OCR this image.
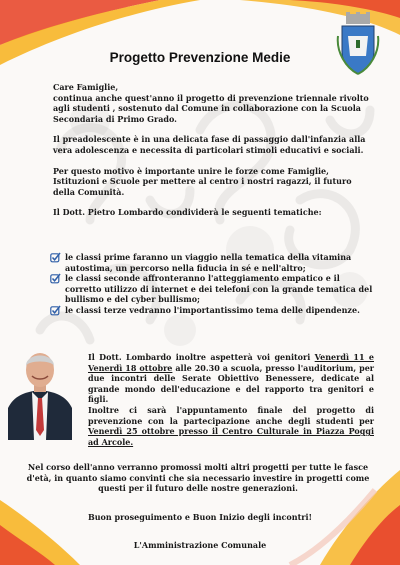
Progetto Prevenzione Medie
Care Famiglie,
continua anche quest'anno il progetto di prevenzione triennale rivolto agli studenti , sostenuto dal Comune in collaborazione con la Scuola Secondaria di Primo Grado.
Il preadolescente è in una delicata fase di passaggio dall'infanzia alla vera adolescenza e necessita di particolari stimoli educativi e sociali.
Per questo motivo è importante unire le forze come Famiglie, Istituzioni e Scuole per mettere al centro i nostri ragazzi, il futuro della Comunità.
Il Dott. Pietro Lombardo condividerà le seguenti tematiche:
le classi prime faranno un viaggio nella tematica della vitamina autostima, un percorso nella fiducia in sé e nell'altro;
le classi seconde affronteranno l'atteggiamento empatico e il corretto utilizzo di internet e dei telefoni con la grande tematica del bullismo e del cyber bullismo;
le classi terze vedranno l'importantissimo tema delle dipendenze.

Il Dott. Lombardo inoltre aspetterà voi genitori Venerdì 11 e Venerdì 18 ottobre alle 20.30 a scuola, presso l'auditorium, per due incontri delle Serate Obiettivo Benessere, dedicate al grande mondo dell'educazione e del rapporto tra genitori e figli.
Inoltre ci sarà l'appuntamento finale del progetto di prevenzione con la partecipazione anche degli studenti per Venerdì 25 ottobre presso il Centro Culturale in Piazza Poggi ad Arcole.

Nel corso dell'anno verranno promossi molti altri progetti per tutte le fasce d'età, in quanto siamo convinti che sia necessario investire in progetti come questi per il futuro delle nostre generazioni.

Buon proseguimento e Buon Inizio degli incontri!

L'Amministrazione Comunale
